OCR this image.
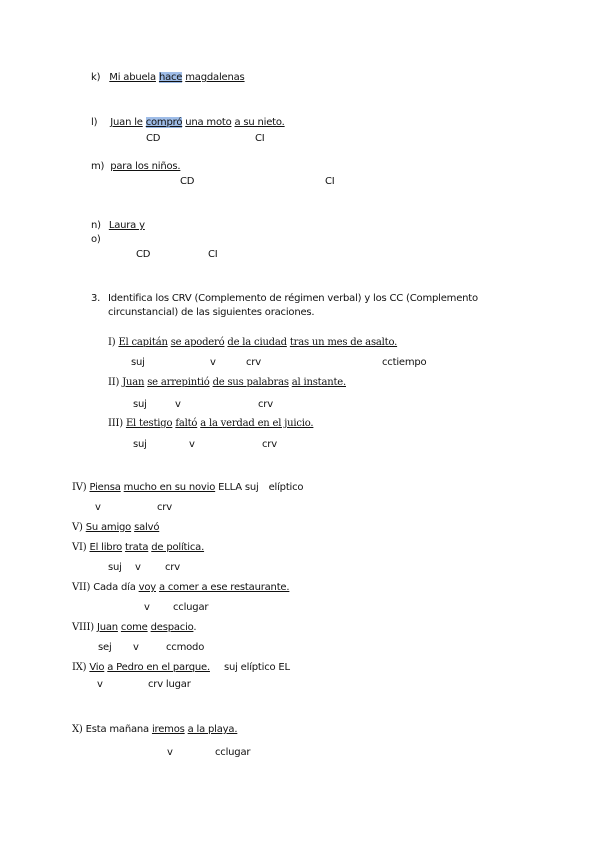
k) Mi abuela hace magdalenas
l) Juan le compró una moto a su nieto.
CD	CI
m) para los niños.
CD	CI
n) Laura y
o)
CD	CI
3. Identifica los CRV (Complemento de régimen verbal) y los CC (Complemento
circunstancial) de las siguientes oraciones.
I) El capitán se apoderó de la ciudad tras un mes de asalto.
suj	v	crv	cctiempo
II) Juan se arrepintió de sus palabras al instante.
suj	v	crv
III) El testigo faltó a la verdad en el juicio.
suj	v	crv
IV) Piensa mucho en su novio ELLA suj elíptico
v	crv
V) Su amigo salvó
VI) El libro trata de política.
suj v crv
VII) Cada día voy a comer a ese restaurante.
v cclugar
VIII) Juan come despacio.
sej v	ccmodo
IX) Vio a Pedro en el parque. suj elíptico EL
v	crv lugar
X) Esta mañana iremos a la playa.
v	cclugar
